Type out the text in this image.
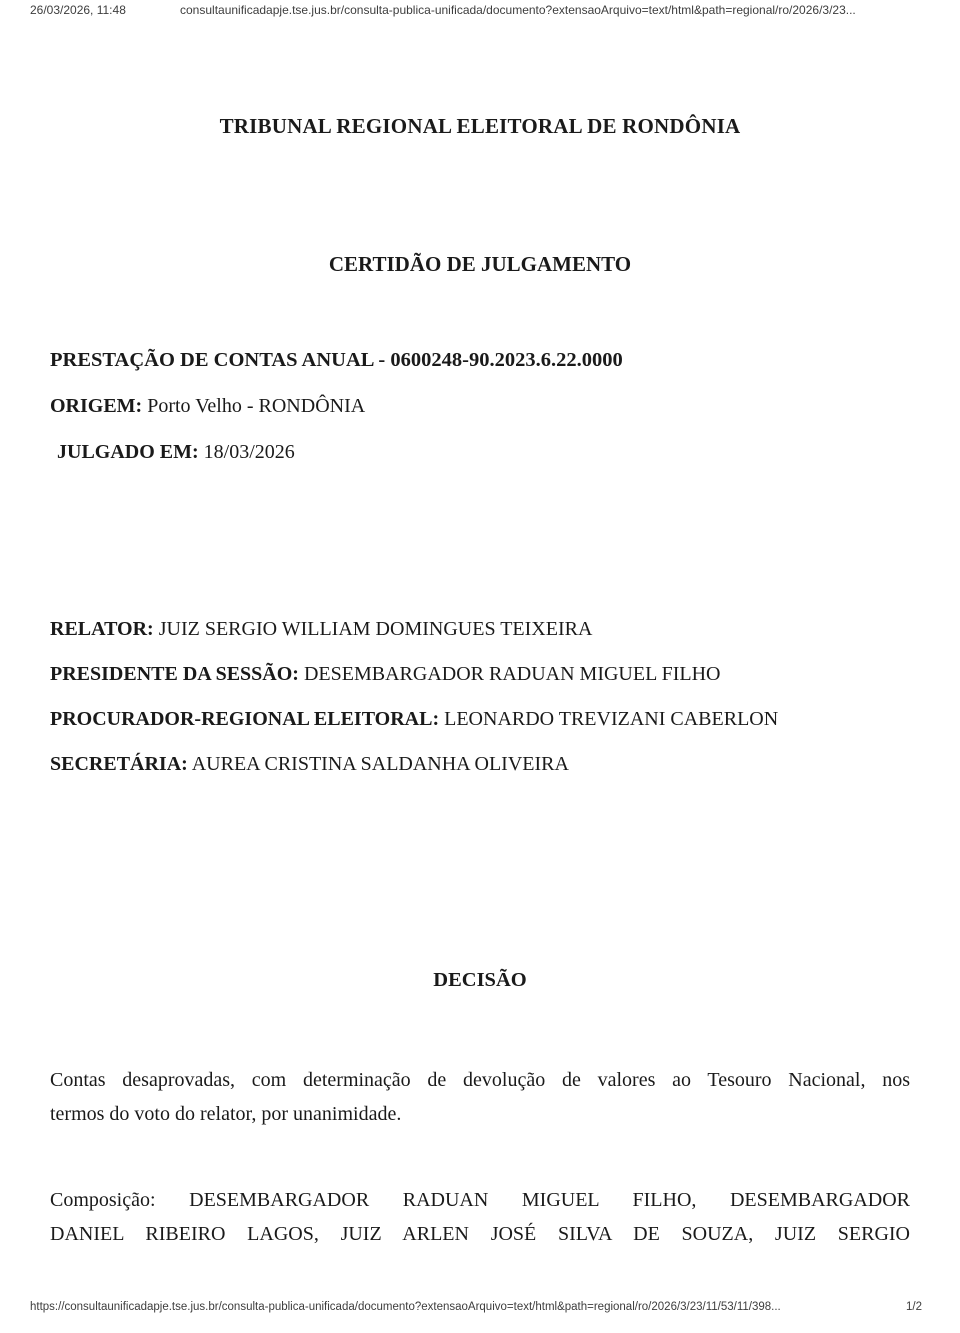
26/03/2026, 11:48	consultaunificadapje.tse.jus.br/consulta-publica-unificada/documento?extensaoArquivo=text/html&path=regional/ro/2026/3/23...
TRIBUNAL REGIONAL ELEITORAL DE RONDÔNIA
CERTIDÃO DE JULGAMENTO
PRESTAÇÃO DE CONTAS ANUAL - 0600248-90.2023.6.22.0000
ORIGEM: Porto Velho - RONDÔNIA
JULGADO EM: 18/03/2026
RELATOR: JUIZ SERGIO WILLIAM DOMINGUES TEIXEIRA
PRESIDENTE DA SESSÃO: DESEMBARGADOR RADUAN MIGUEL FILHO
PROCURADOR-REGIONAL ELEITORAL: LEONARDO TREVIZANI CABERLON
SECRETÁRIA: AUREA CRISTINA SALDANHA OLIVEIRA
DECISÃO
Contas desaprovadas, com determinação de devolução de valores ao Tesouro Nacional, nos
termos do voto do relator, por unanimidade.
Composição: DESEMBARGADOR RADUAN MIGUEL FILHO, DESEMBARGADOR
DANIEL RIBEIRO LAGOS, JUIZ ARLEN JOSÉ SILVA DE SOUZA, JUIZ SERGIO
https://consultaunificadapje.tse.jus.br/consulta-publica-unificada/documento?extensaoArquivo=text/html&path=regional/ro/2026/3/23/11/53/11/398...	1/2
